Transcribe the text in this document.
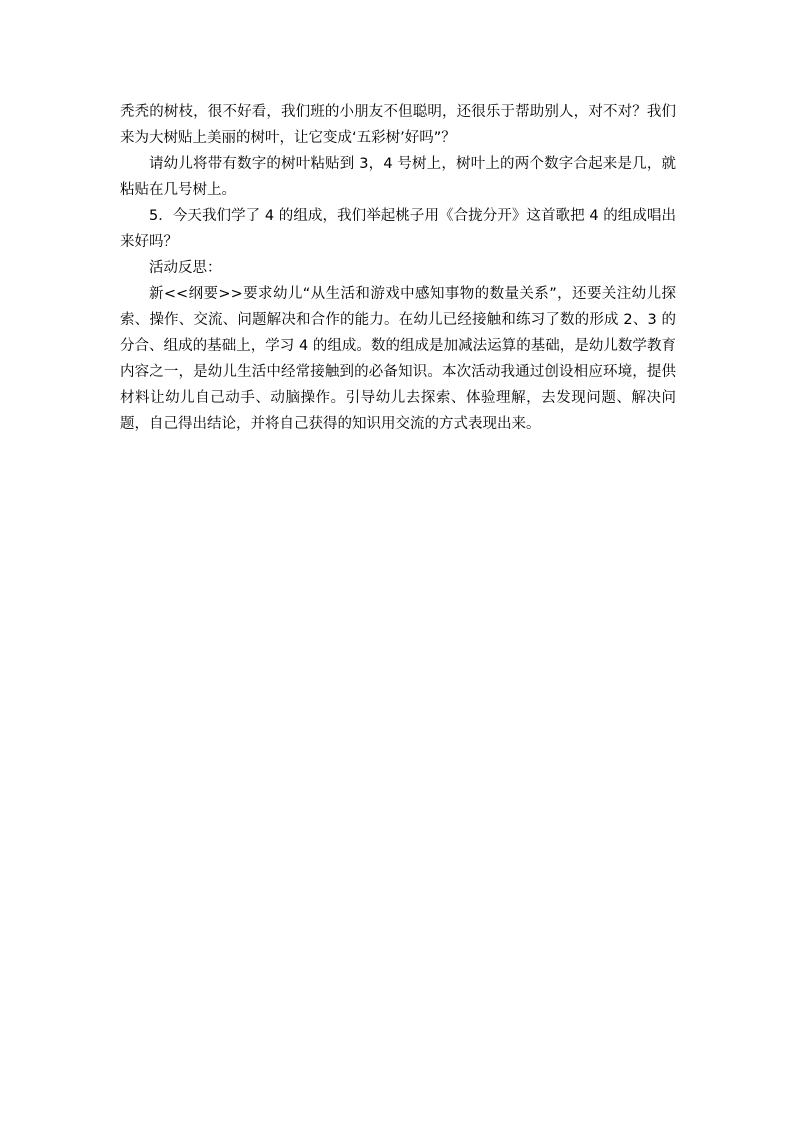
秃秃的树枝，很不好看，我们班的小朋友不但聪明，还很乐于帮助别人，对不对？我们来为大树贴上美丽的树叶，让它变成‘五彩树’好吗”？

请幼儿将带有数字的树叶粘贴到 3，4 号树上，树叶上的两个数字合起来是几，就粘贴在几号树上。

5．今天我们学了 4 的组成，我们举起桃子用《合拢分开》这首歌把 4 的组成唱出来好吗？

活动反思：

新<<纲要>>要求幼儿“从生活和游戏中感知事物的数量关系”，还要关注幼儿探索、操作、交流、问题解决和合作的能力。在幼儿已经接触和练习了数的形成 2、3 的分合、组成的基础上，学习 4 的组成。数的组成是加减法运算的基础，是幼儿数学教育内容之一，是幼儿生活中经常接触到的必备知识。本次活动我通过创设相应环境，提供材料让幼儿自己动手、动脑操作。引导幼儿去探索、体验理解，去发现问题、解决问题，自己得出结论，并将自己获得的知识用交流的方式表现出来。
